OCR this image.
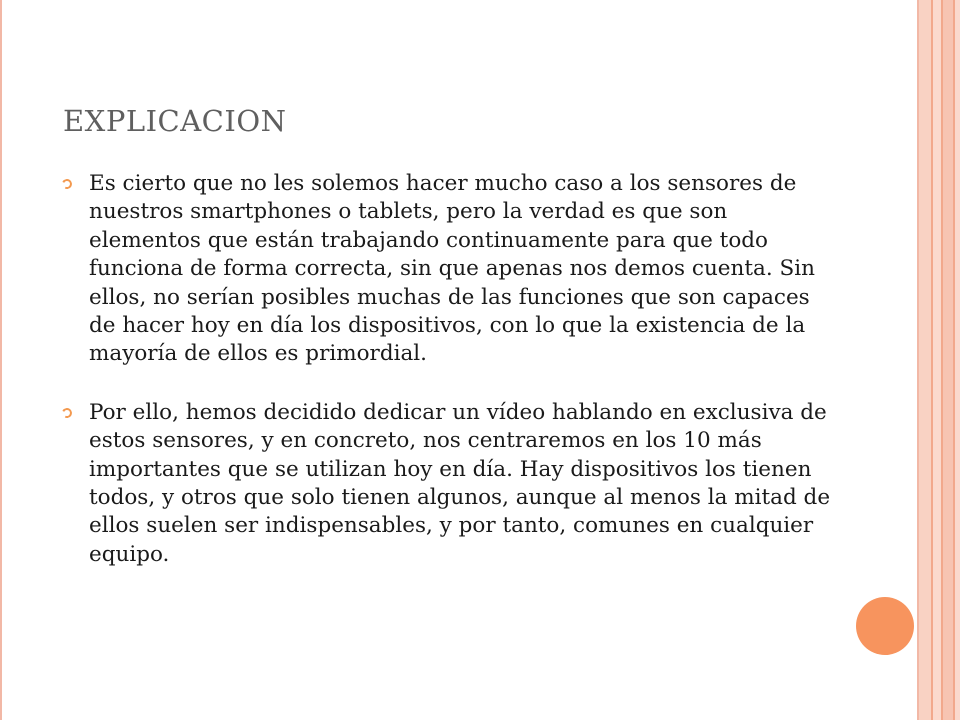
EXPLICACION
Es cierto que no les solemos hacer mucho caso a los sensores de nuestros smartphones o tablets, pero la verdad es que son elementos que están trabajando continuamente para que todo funciona de forma correcta, sin que apenas nos demos cuenta. Sin ellos, no serían posibles muchas de las funciones que son capaces de hacer hoy en día los dispositivos, con lo que la existencia de la mayoría de ellos es primordial.
Por ello, hemos decidido dedicar un vídeo hablando en exclusiva de estos sensores, y en concreto, nos centraremos en los 10 más importantes que se utilizan hoy en día. Hay dispositivos los tienen todos, y otros que solo tienen algunos, aunque al menos la mitad de ellos suelen ser indispensables, y por tanto, comunes en cualquier equipo.
